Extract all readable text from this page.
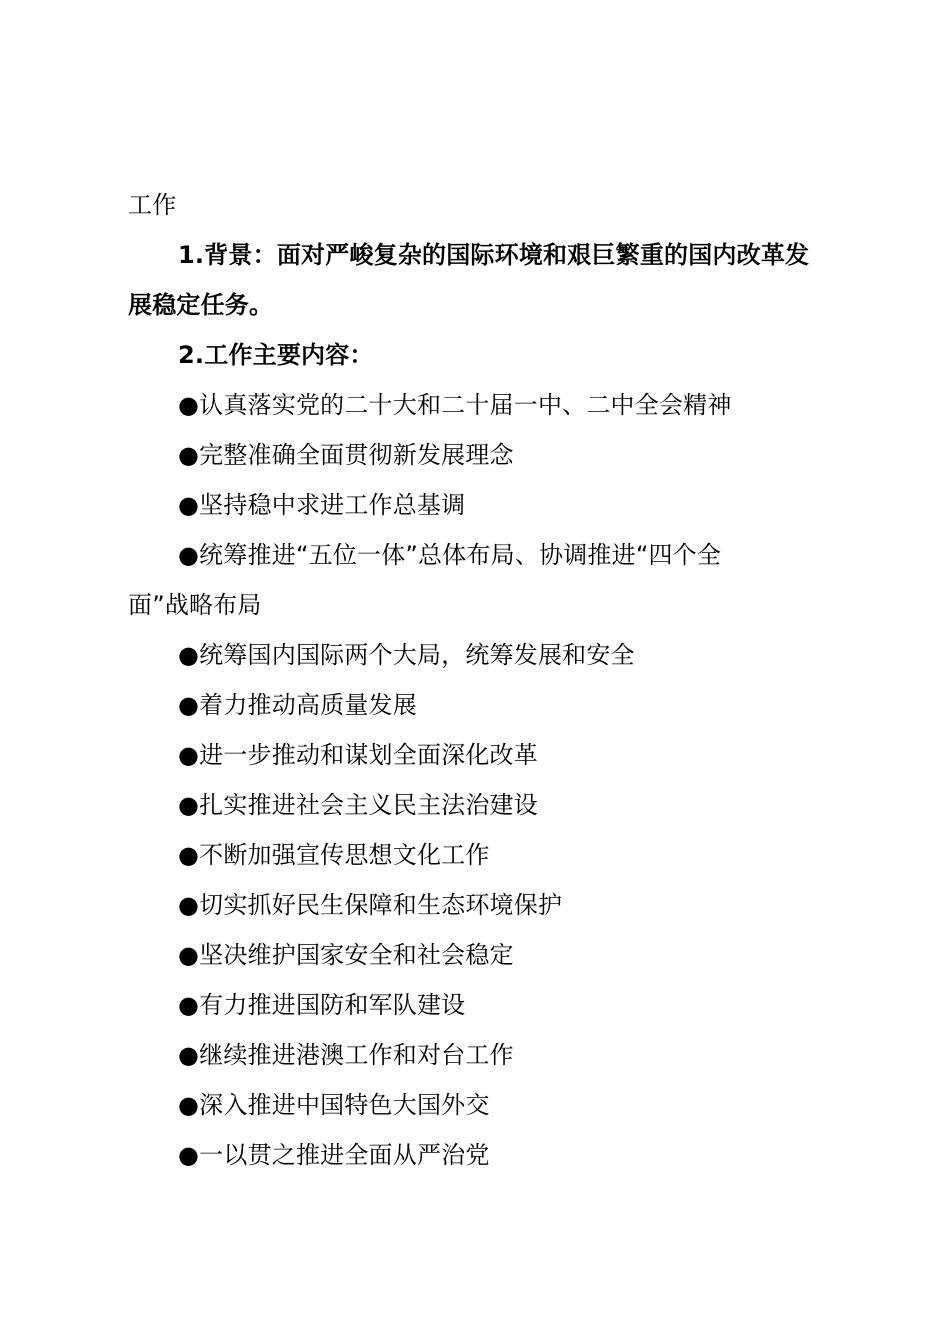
工作
1.背景：面对严峻复杂的国际环境和艰巨繁重的国内改革发
展稳定任务。
2.工作主要内容：
●认真落实党的二十大和二十届一中、二中全会精神
●完整准确全面贯彻新发展理念
●坚持稳中求进工作总基调
●统筹推进“五位一体”总体布局、协调推进“四个全
面”战略布局
●统筹国内国际两个大局，统筹发展和安全
●着力推动高质量发展
●进一步推动和谋划全面深化改革
●扎实推进社会主义民主法治建设
●不断加强宣传思想文化工作
●切实抓好民生保障和生态环境保护
●坚决维护国家安全和社会稳定
●有力推进国防和军队建设
●继续推进港澳工作和对台工作
●深入推进中国特色大国外交
●一以贯之推进全面从严治党
